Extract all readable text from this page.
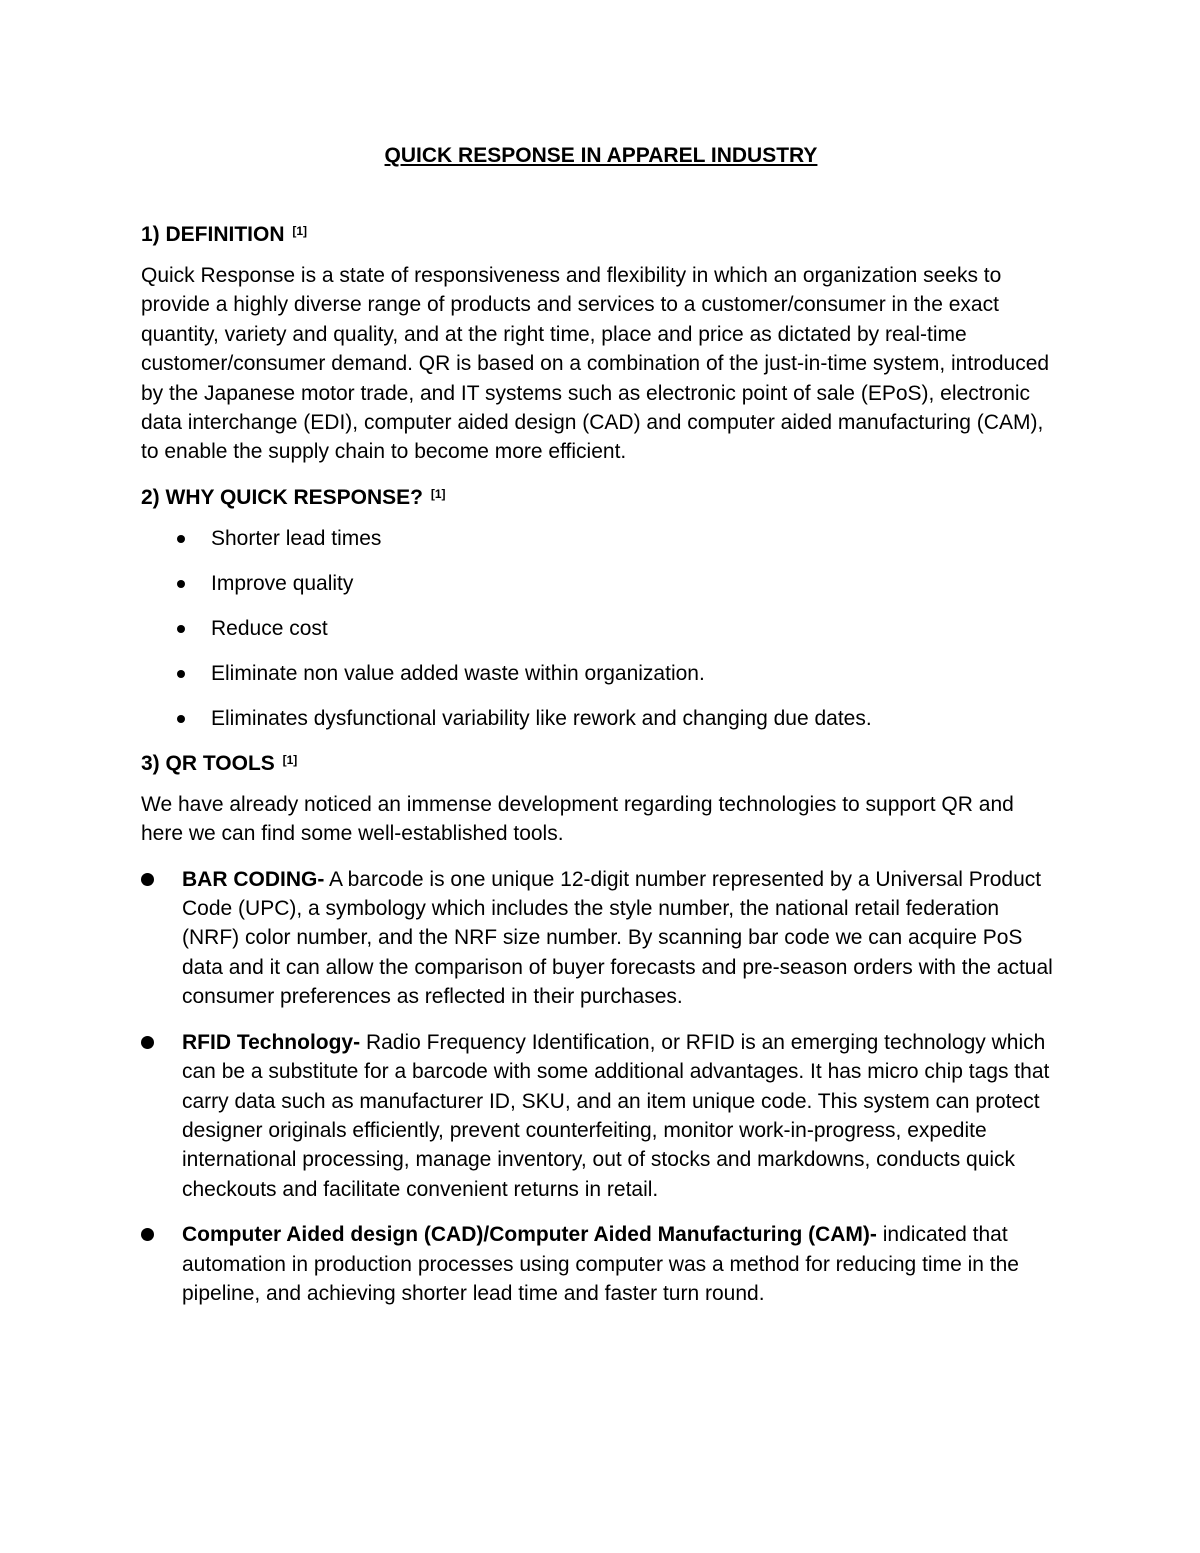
QUICK RESPONSE IN APPAREL INDUSTRY
1) DEFINITION [1]
Quick Response is a state of responsiveness and flexibility in which an organization seeks to provide a highly diverse range of products and services to a customer/consumer in the exact quantity, variety and quality, and at the right time, place and price as dictated by real-time customer/consumer demand. QR is based on a combination of the just-in-time system, introduced by the Japanese motor trade, and IT systems such as electronic point of sale (EPoS), electronic data interchange (EDI), computer aided design (CAD) and computer aided manufacturing (CAM), to enable the supply chain to become more efficient.
2) WHY QUICK RESPONSE? [1]
Shorter lead times
Improve quality
Reduce cost
Eliminate non value added waste within organization.
Eliminates dysfunctional variability like rework and changing due dates.
3) QR TOOLS [1]
We have already noticed an immense development regarding technologies to support QR and here we can find some well-established tools.
BAR CODING- A barcode is one unique 12-digit number represented by a Universal Product Code (UPC), a symbology which includes the style number, the national retail federation (NRF) color number, and the NRF size number. By scanning bar code we can acquire PoS data and it can allow the comparison of buyer forecasts and pre-season orders with the actual consumer preferences as reflected in their purchases.
RFID Technology- Radio Frequency Identification, or RFID is an emerging technology which can be a substitute for a barcode with some additional advantages. It has micro chip tags that carry data such as manufacturer ID, SKU, and an item unique code. This system can protect designer originals efficiently, prevent counterfeiting, monitor work-in-progress, expedite international processing, manage inventory, out of stocks and markdowns, conducts quick checkouts and facilitate convenient returns in retail.
Computer Aided design (CAD)/Computer Aided Manufacturing (CAM)- indicated that automation in production processes using computer was a method for reducing time in the pipeline, and achieving shorter lead time and faster turn round.
